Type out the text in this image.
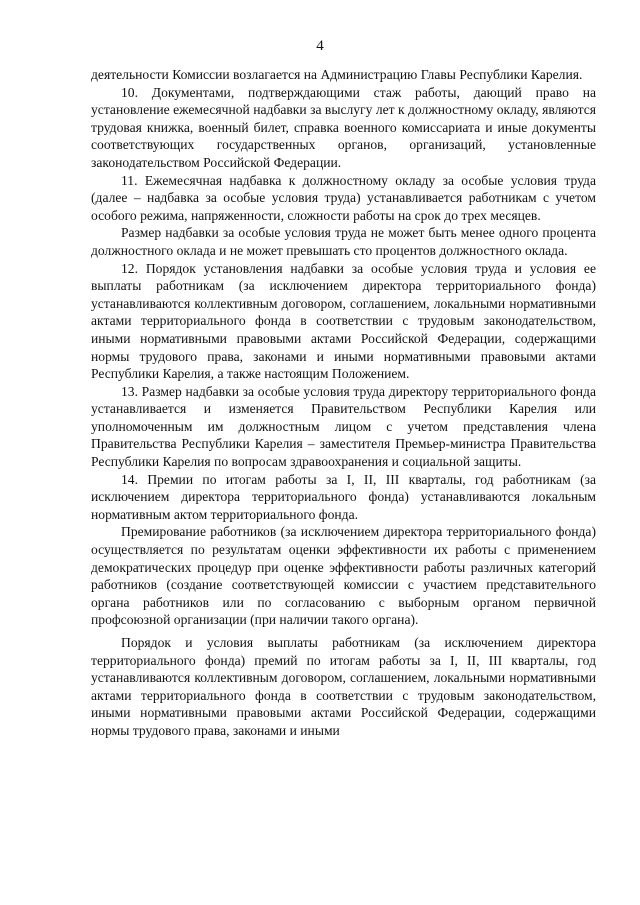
4

деятельности Комиссии возлагается на Администрацию Главы Республики Карелия.

10. Документами, подтверждающими стаж работы, дающий право на установление ежемесячной надбавки за выслугу лет к должностному окладу, являются трудовая книжка, военный билет, справка военного комиссариата и иные документы соответствующих государственных органов, организаций, установленные законодательством Российской Федерации.

11. Ежемесячная надбавка к должностному окладу за особые условия труда (далее – надбавка за особые условия труда) устанавливается работникам с учетом особого режима, напряженности, сложности работы на срок до трех месяцев.

Размер надбавки за особые условия труда не может быть менее одного процента должностного оклада и не может превышать сто процентов должностного оклада.

12. Порядок установления надбавки за особые условия труда и условия ее выплаты работникам (за исключением директора территориального фонда) устанавливаются коллективным договором, соглашением, локальными нормативными актами территориального фонда в соответствии с трудовым законодательством, иными нормативными правовыми актами Российской Федерации, содержащими нормы трудового права, законами и иными нормативными правовыми актами Республики Карелия, а также настоящим Положением.

13. Размер надбавки за особые условия труда директору территориального фонда устанавливается и изменяется Правительством Республики Карелия или уполномоченным им должностным лицом с учетом представления члена Правительства Республики Карелия – заместителя Премьер-министра Правительства Республики Карелия по вопросам здравоохранения и социальной защиты.

14. Премии по итогам работы за I, II, III кварталы, год работникам (за исключением директора территориального фонда) устанавливаются локальным нормативным актом территориального фонда.

Премирование работников (за исключением директора территориального фонда) осуществляется по результатам оценки эффективности их работы с применением демократических процедур при оценке эффективности работы различных категорий работников (создание соответствующей комиссии с участием представительного органа работников или по согласованию с выборным органом первичной профсоюзной организации (при наличии такого органа).

Порядок и условия выплаты работникам (за исключением директора территориального фонда) премий по итогам работы за I, II, III кварталы, год устанавливаются коллективным договором, соглашением, локальными нормативными актами территориального фонда в соответствии с трудовым законодательством, иными нормативными правовыми актами Российской Федерации, содержащими нормы трудового права, законами и иными
